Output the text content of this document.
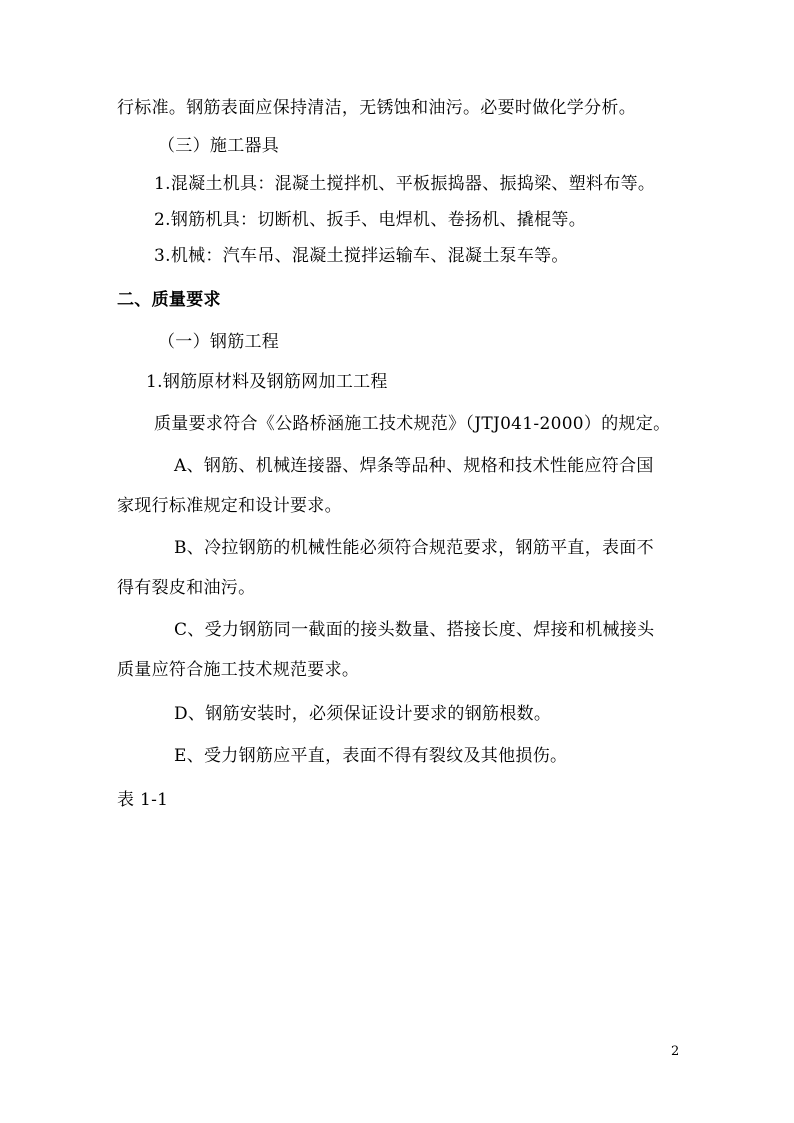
行标准。钢筋表面应保持清洁，无锈蚀和油污。必要时做化学分析。
（三）施工器具
1.混凝土机具：混凝土搅拌机、平板振捣器、振捣梁、塑料布等。
2.钢筋机具：切断机、扳手、电焊机、卷扬机、撬棍等。
3.机械：汽车吊、混凝土搅拌运输车、混凝土泵车等。
二、质量要求
（一）钢筋工程
1.钢筋原材料及钢筋网加工工程
质量要求符合《公路桥涵施工技术规范》（JTJ041-2000）的规定。
A、钢筋、机械连接器、焊条等品种、规格和技术性能应符合国
家现行标准规定和设计要求。
B、冷拉钢筋的机械性能必须符合规范要求，钢筋平直，表面不
得有裂皮和油污。
C、受力钢筋同一截面的接头数量、搭接长度、焊接和机械接头
质量应符合施工技术规范要求。
D、钢筋安装时，必须保证设计要求的钢筋根数。
E、受力钢筋应平直，表面不得有裂纹及其他损伤。
表 1-1
2
